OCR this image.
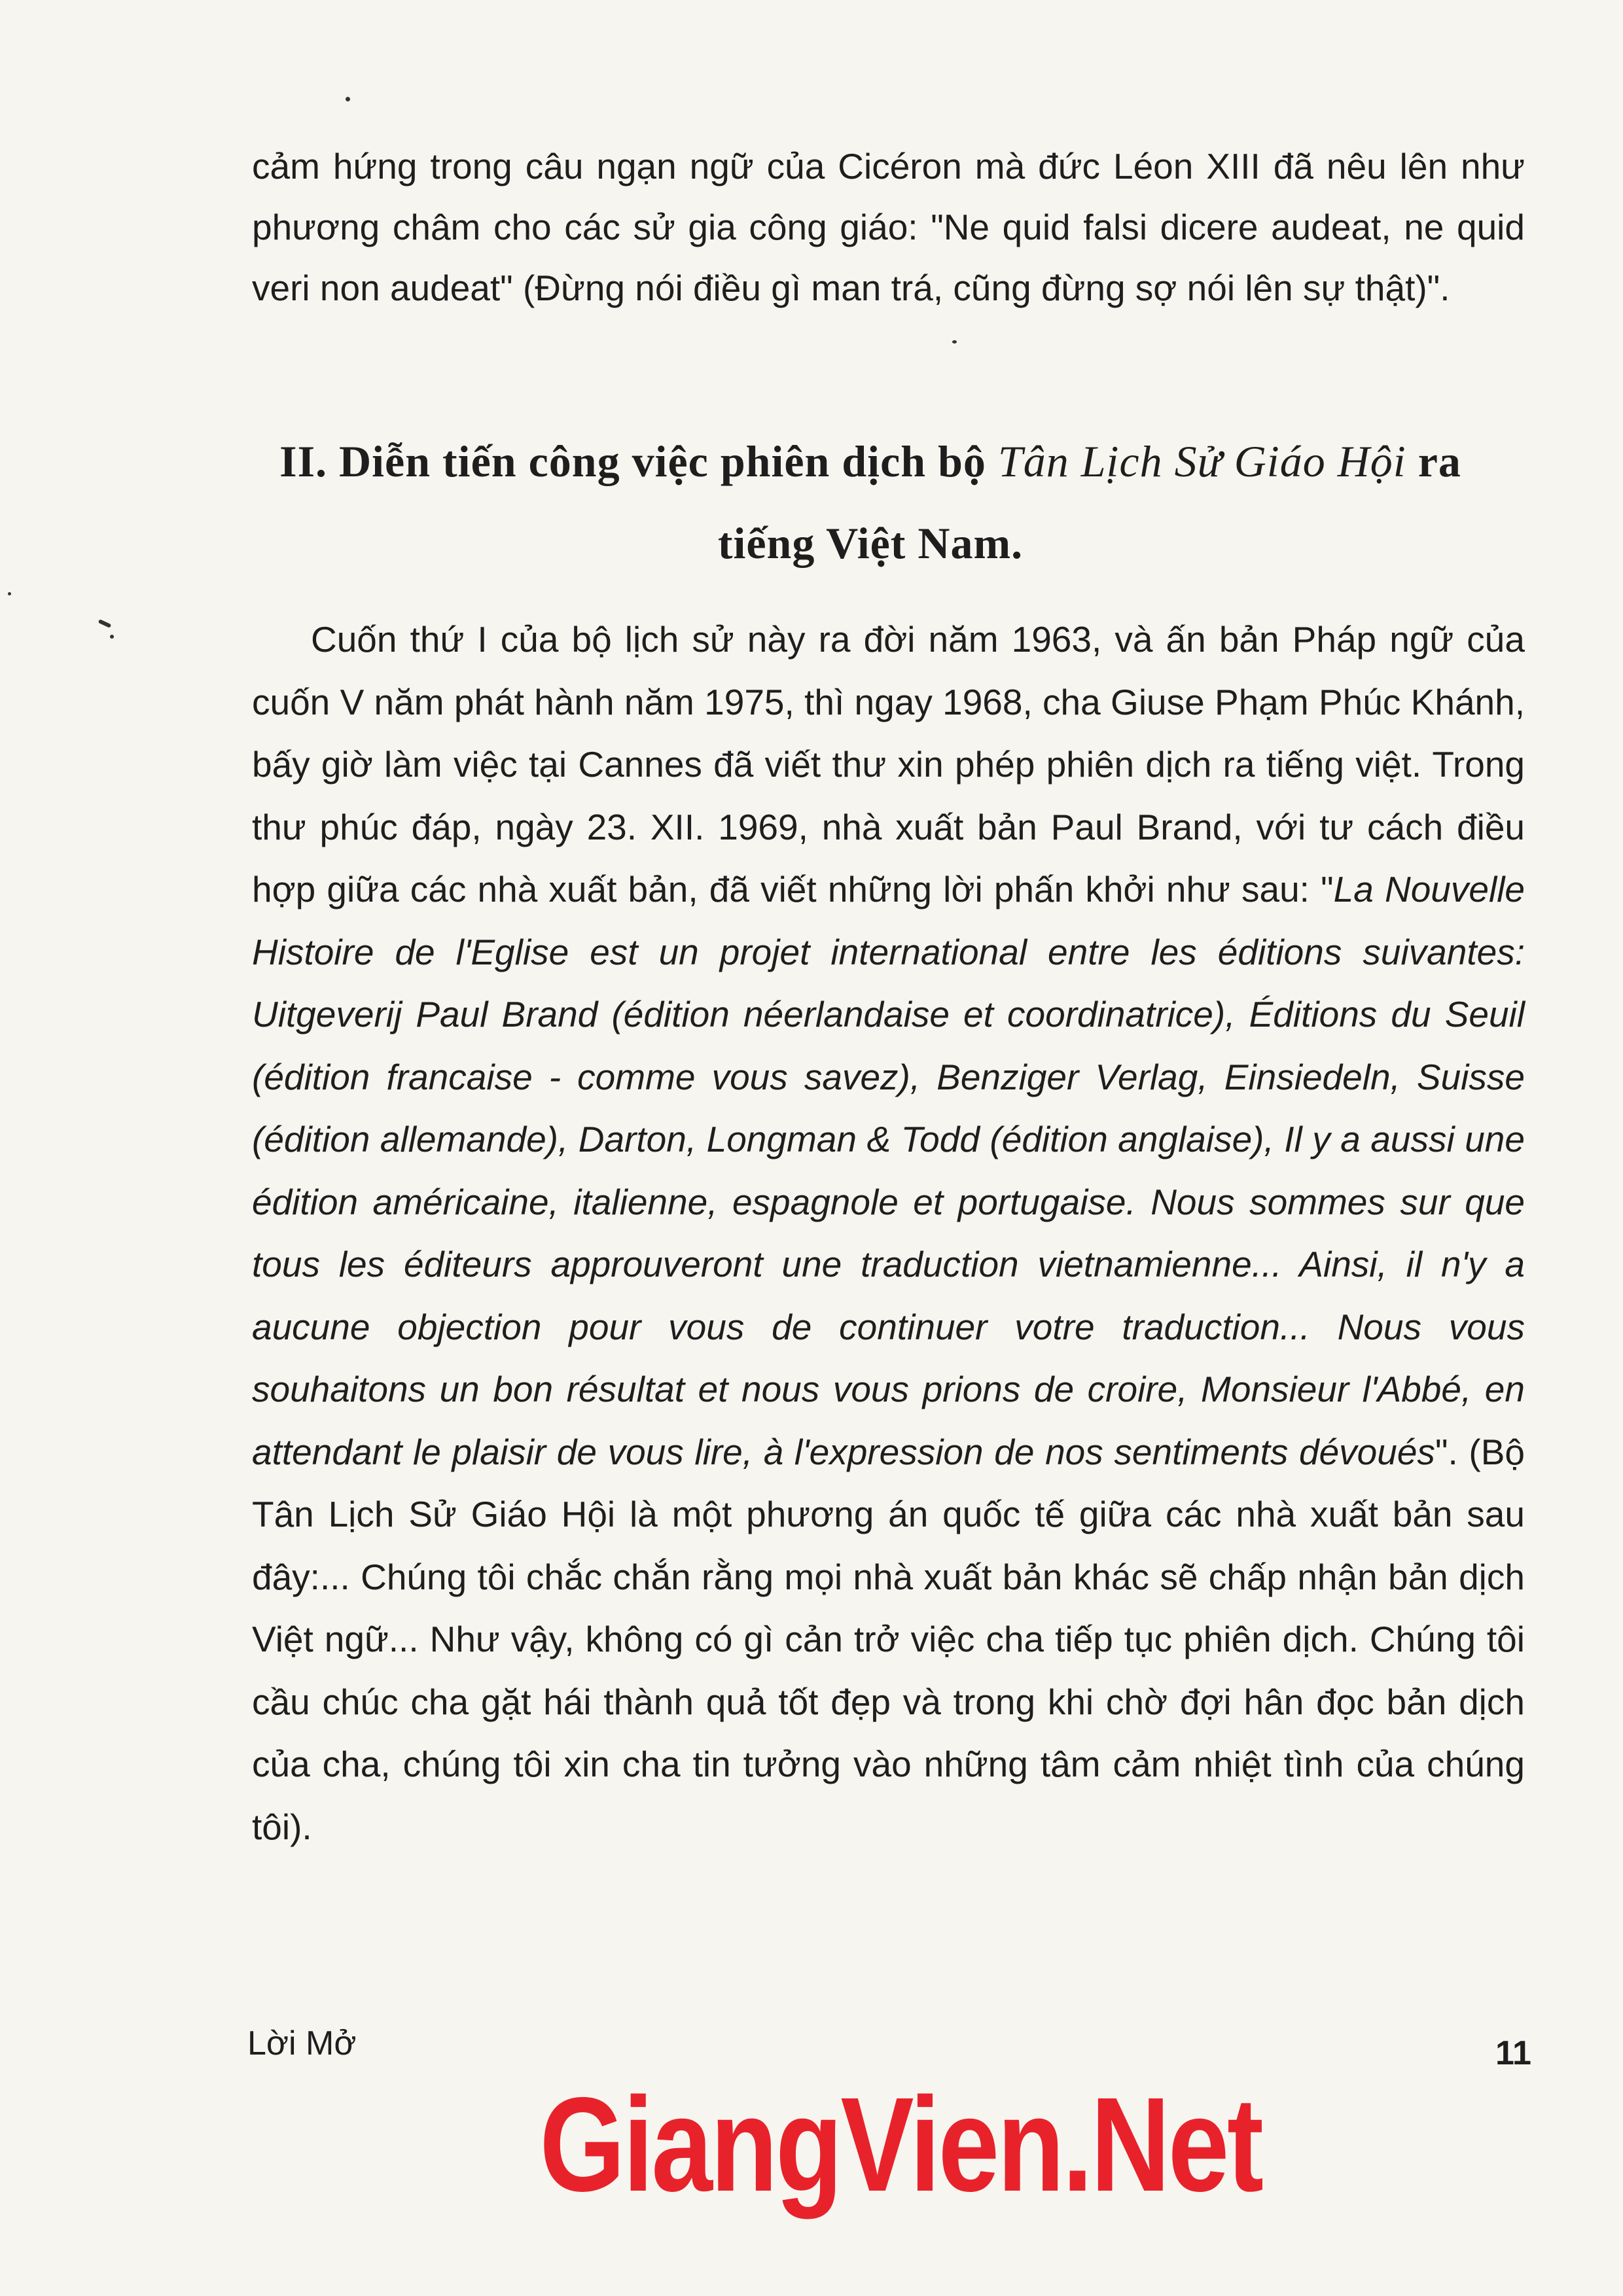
cảm hứng trong câu ngạn ngữ của Cicéron mà đức Léon XIII đã nêu lên như phương châm cho các sử gia công giáo: "Ne quid falsi dicere audeat, ne quid veri non audeat" (Đừng nói điều gì man trá, cũng đừng sợ nói lên sự thật)".
II. Diễn tiến công việc phiên dịch bộ Tân Lịch Sử Giáo Hội ra tiếng Việt Nam.
Cuốn thứ I của bộ lịch sử này ra đời năm 1963, và ấn bản Pháp ngữ của cuốn V năm phát hành năm 1975, thì ngay 1968, cha Giuse Phạm Phúc Khánh, bấy giờ làm việc tại Cannes đã viết thư xin phép phiên dịch ra tiếng việt. Trong thư phúc đáp, ngày 23. XII. 1969, nhà xuất bản Paul Brand, với tư cách điều hợp giữa các nhà xuất bản, đã viết những lời phấn khởi như sau: "La Nouvelle Histoire de l'Eglise est un projet international entre les éditions suivantes: Uitgeverij Paul Brand (édition néerlandaise et coordinatrice), Éditions du Seuil (édition francaise - comme vous savez), Benziger Verlag, Einsiedeln, Suisse (édition allemande), Darton, Longman & Todd (édition anglaise), Il y a aussi une édition américaine, italienne, espagnole et portugaise. Nous sommes sur que tous les éditeurs approuveront une traduction vietnamienne... Ainsi, il n'y a aucune objection pour vous de continuer votre traduction... Nous vous souhaitons un bon résultat et nous vous prions de croire, Monsieur l'Abbé, en attendant le plaisir de vous lire, à l'expression de nos sentiments dévoués". (Bộ Tân Lịch Sử Giáo Hội là một phương án quốc tế giữa các nhà xuất bản sau đây:... Chúng tôi chắc chắn rằng mọi nhà xuất bản khác sẽ chấp nhận bản dịch Việt ngữ... Như vậy, không có gì cản trở việc cha tiếp tục phiên dịch. Chúng tôi cầu chúc cha gặt hái thành quả tốt đẹp và trong khi chờ đợi hân đọc bản dịch của cha, chúng tôi xin cha tin tưởng vào những tâm cảm nhiệt tình của chúng tôi).
Lời Mở	11
GiangVien.Net
